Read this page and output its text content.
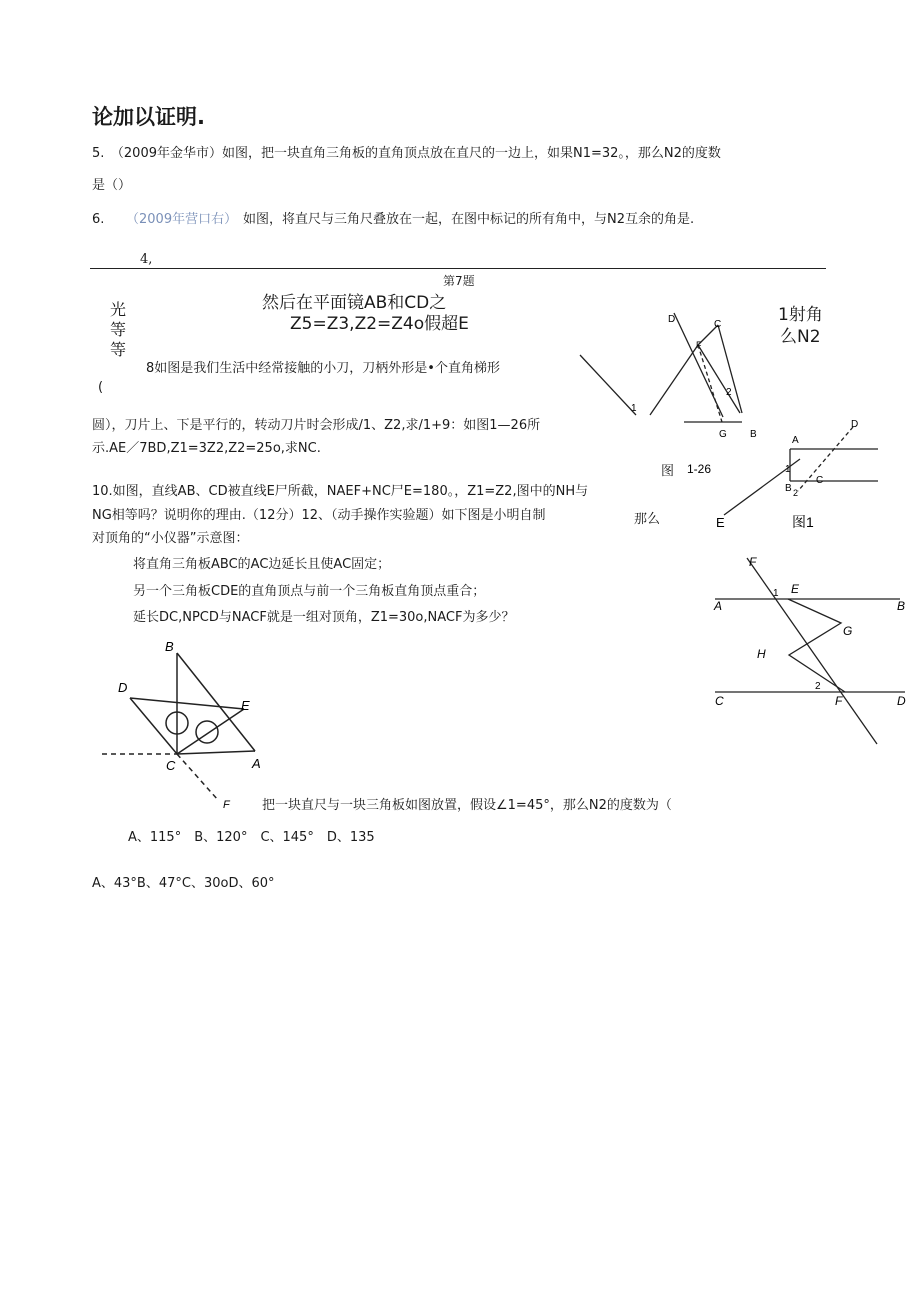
论加以证明.
5.　（2009年金华市）如图，把一块直角三角板的直角顶点放在直尺的一边上，如果N1=32。，那么N2的度数
是（）
6. （2009年营口右） 如图，将直尺与三角尺叠放在一起，在图中标记的所有角中，与N2互余的角是.
4,
第7题
光
等
等
然后在平面镜AB和CD之
Z5=Z3,Z2=Z4o假超E	1射角
么N2
8如图是我们生活中经常接触的小刀，刀柄外形是•个直角梯形
(
圆），刀片上、下是平行的，转动刀片时会形成/1、Z2,求/1+9：如图1—26所
示.AE／7BD,Z1=3Z2,Z2=25o,求NC.
图
10.如图，直线AB、CD被直线E尸所截，NAEF+NC尸E=180。，Z1=Z2,图中的NH与
NG相等吗？说明你的理由.（12分）12、（动手操作实验题）如下图是小明自制	那么
对顶角的“小仪器”示意图：
将直角三角板ABC的AC边延长且使AC固定；
另一个三角板CDE的直角顶点与前一个三角板直角顶点重合；
延长DC,NPCD与NACF就是一组对顶角，Z1=30o,NACF为多少？
把一块直尺与一块三角板如图放置，假设∠1=45°，那么N2的度数为（
A、115°　B、120°　C、145°　D、135
A、43°B、47°C、30oD、60°
D	C
F
2
1
G B
1-26
A
D
1
B 2
C
E	图1
F
E
1
A	B
G
H
2
C	F	D
B
D
E
C	A
F
